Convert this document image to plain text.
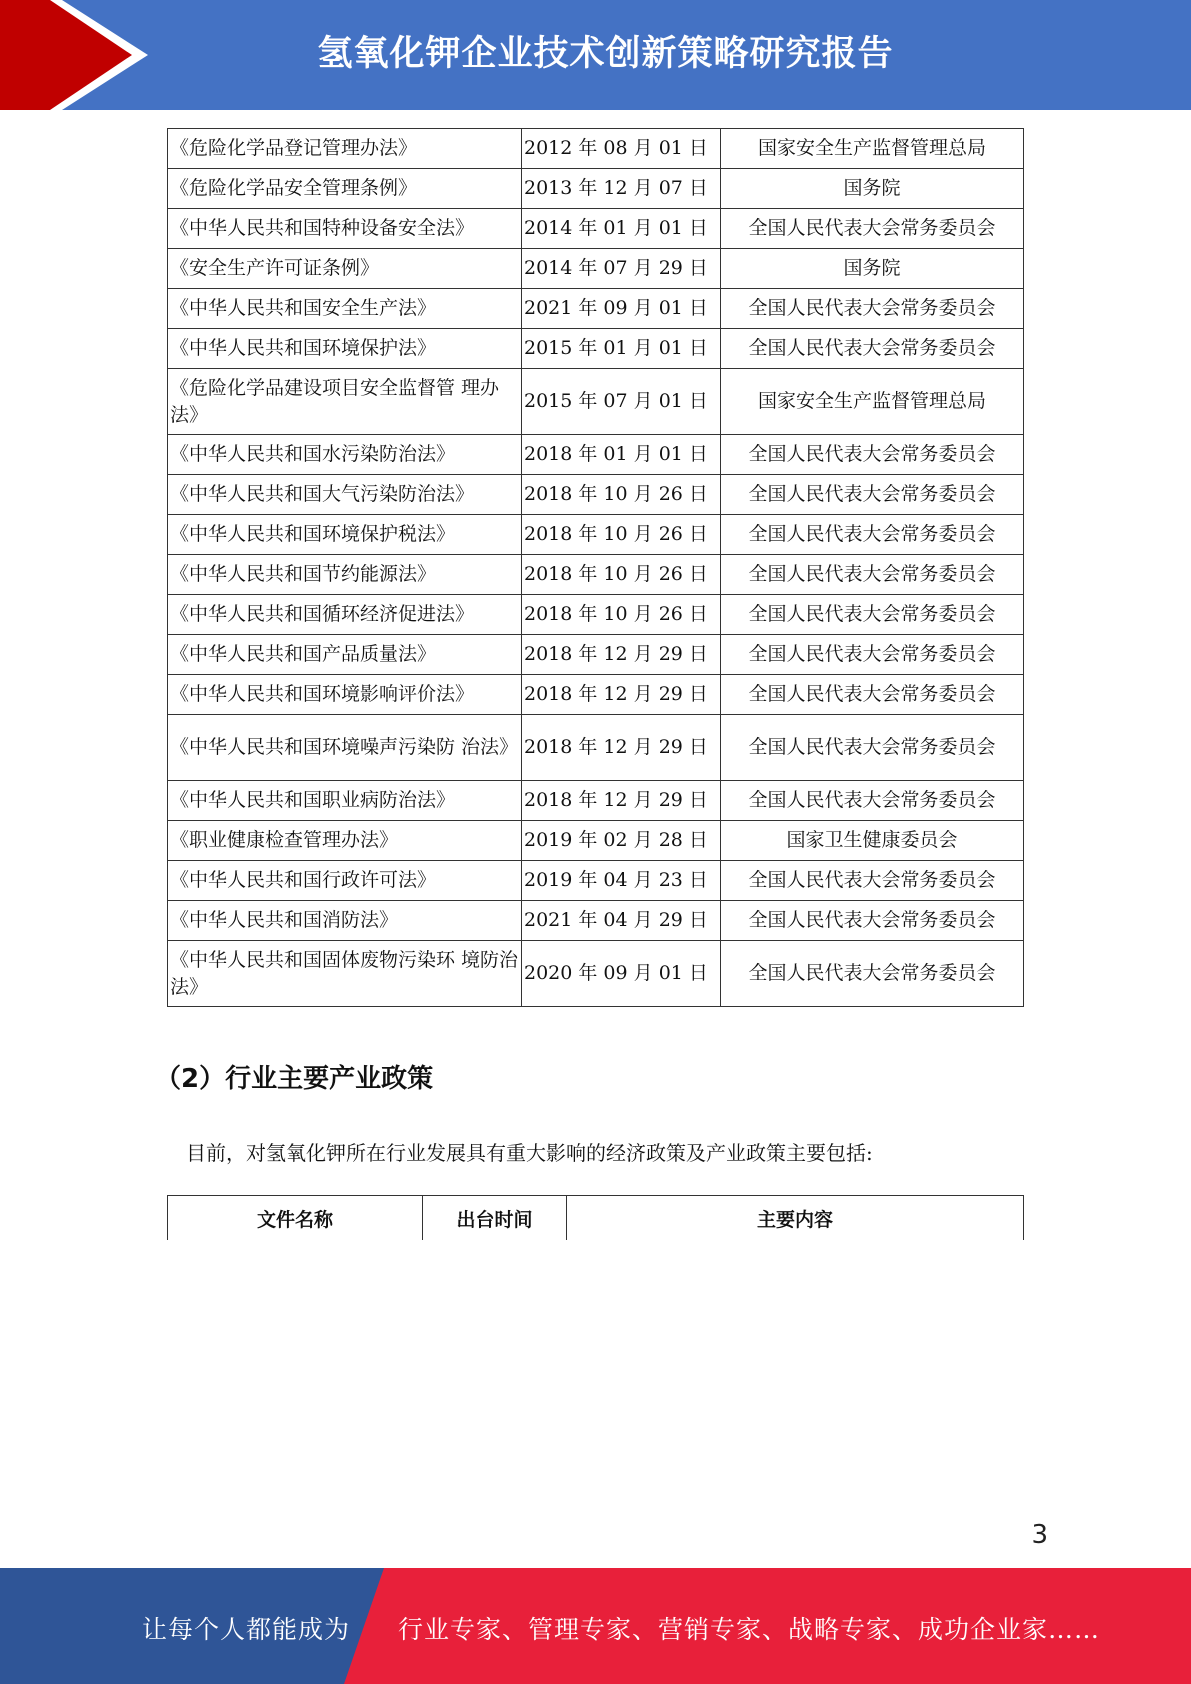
氢氧化钾企业技术创新策略研究报告
《危险化学品登记管理办法》	2012 年 08 月 01 日	国家安全生产监督管理总局
《危险化学品安全管理条例》	2013 年 12 月 07 日	国务院
《中华人民共和国特种设备安全法》	2014 年 01 月 01 日	全国人民代表大会常务委员会
《安全生产许可证条例》	2014 年 07 月 29 日	国务院
《中华人民共和国安全生产法》	2021 年 09 月 01 日	全国人民代表大会常务委员会
《中华人民共和国环境保护法》	2015 年 01 月 01 日	全国人民代表大会常务委员会
《危险化学品建设项目安全监督管 理办法》	2015 年 07 月 01 日	国家安全生产监督管理总局
《中华人民共和国水污染防治法》	2018 年 01 月 01 日	全国人民代表大会常务委员会
《中华人民共和国大气污染防治法》	2018 年 10 月 26 日	全国人民代表大会常务委员会
《中华人民共和国环境保护税法》	2018 年 10 月 26 日	全国人民代表大会常务委员会
《中华人民共和国节约能源法》	2018 年 10 月 26 日	全国人民代表大会常务委员会
《中华人民共和国循环经济促进法》	2018 年 10 月 26 日	全国人民代表大会常务委员会
《中华人民共和国产品质量法》	2018 年 12 月 29 日	全国人民代表大会常务委员会
《中华人民共和国环境影响评价法》	2018 年 12 月 29 日	全国人民代表大会常务委员会
《中华人民共和国环境噪声污染防 治法》	2018 年 12 月 29 日	全国人民代表大会常务委员会
《中华人民共和国职业病防治法》	2018 年 12 月 29 日	全国人民代表大会常务委员会
《职业健康检查管理办法》	2019 年 02 月 28 日	国家卫生健康委员会
《中华人民共和国行政许可法》	2019 年 04 月 23 日	全国人民代表大会常务委员会
《中华人民共和国消防法》	2021 年 04 月 29 日	全国人民代表大会常务委员会
《中华人民共和国固体废物污染环 境防治法》	2020 年 09 月 01 日	全国人民代表大会常务委员会
（2）行业主要产业政策
目前，对氢氧化钾所在行业发展具有重大影响的经济政策及产业政策主要包括:
文件名称	出台时间	主要内容
3
让每个人都能成为 行业专家、管理专家、营销专家、战略专家、成功企业家……
